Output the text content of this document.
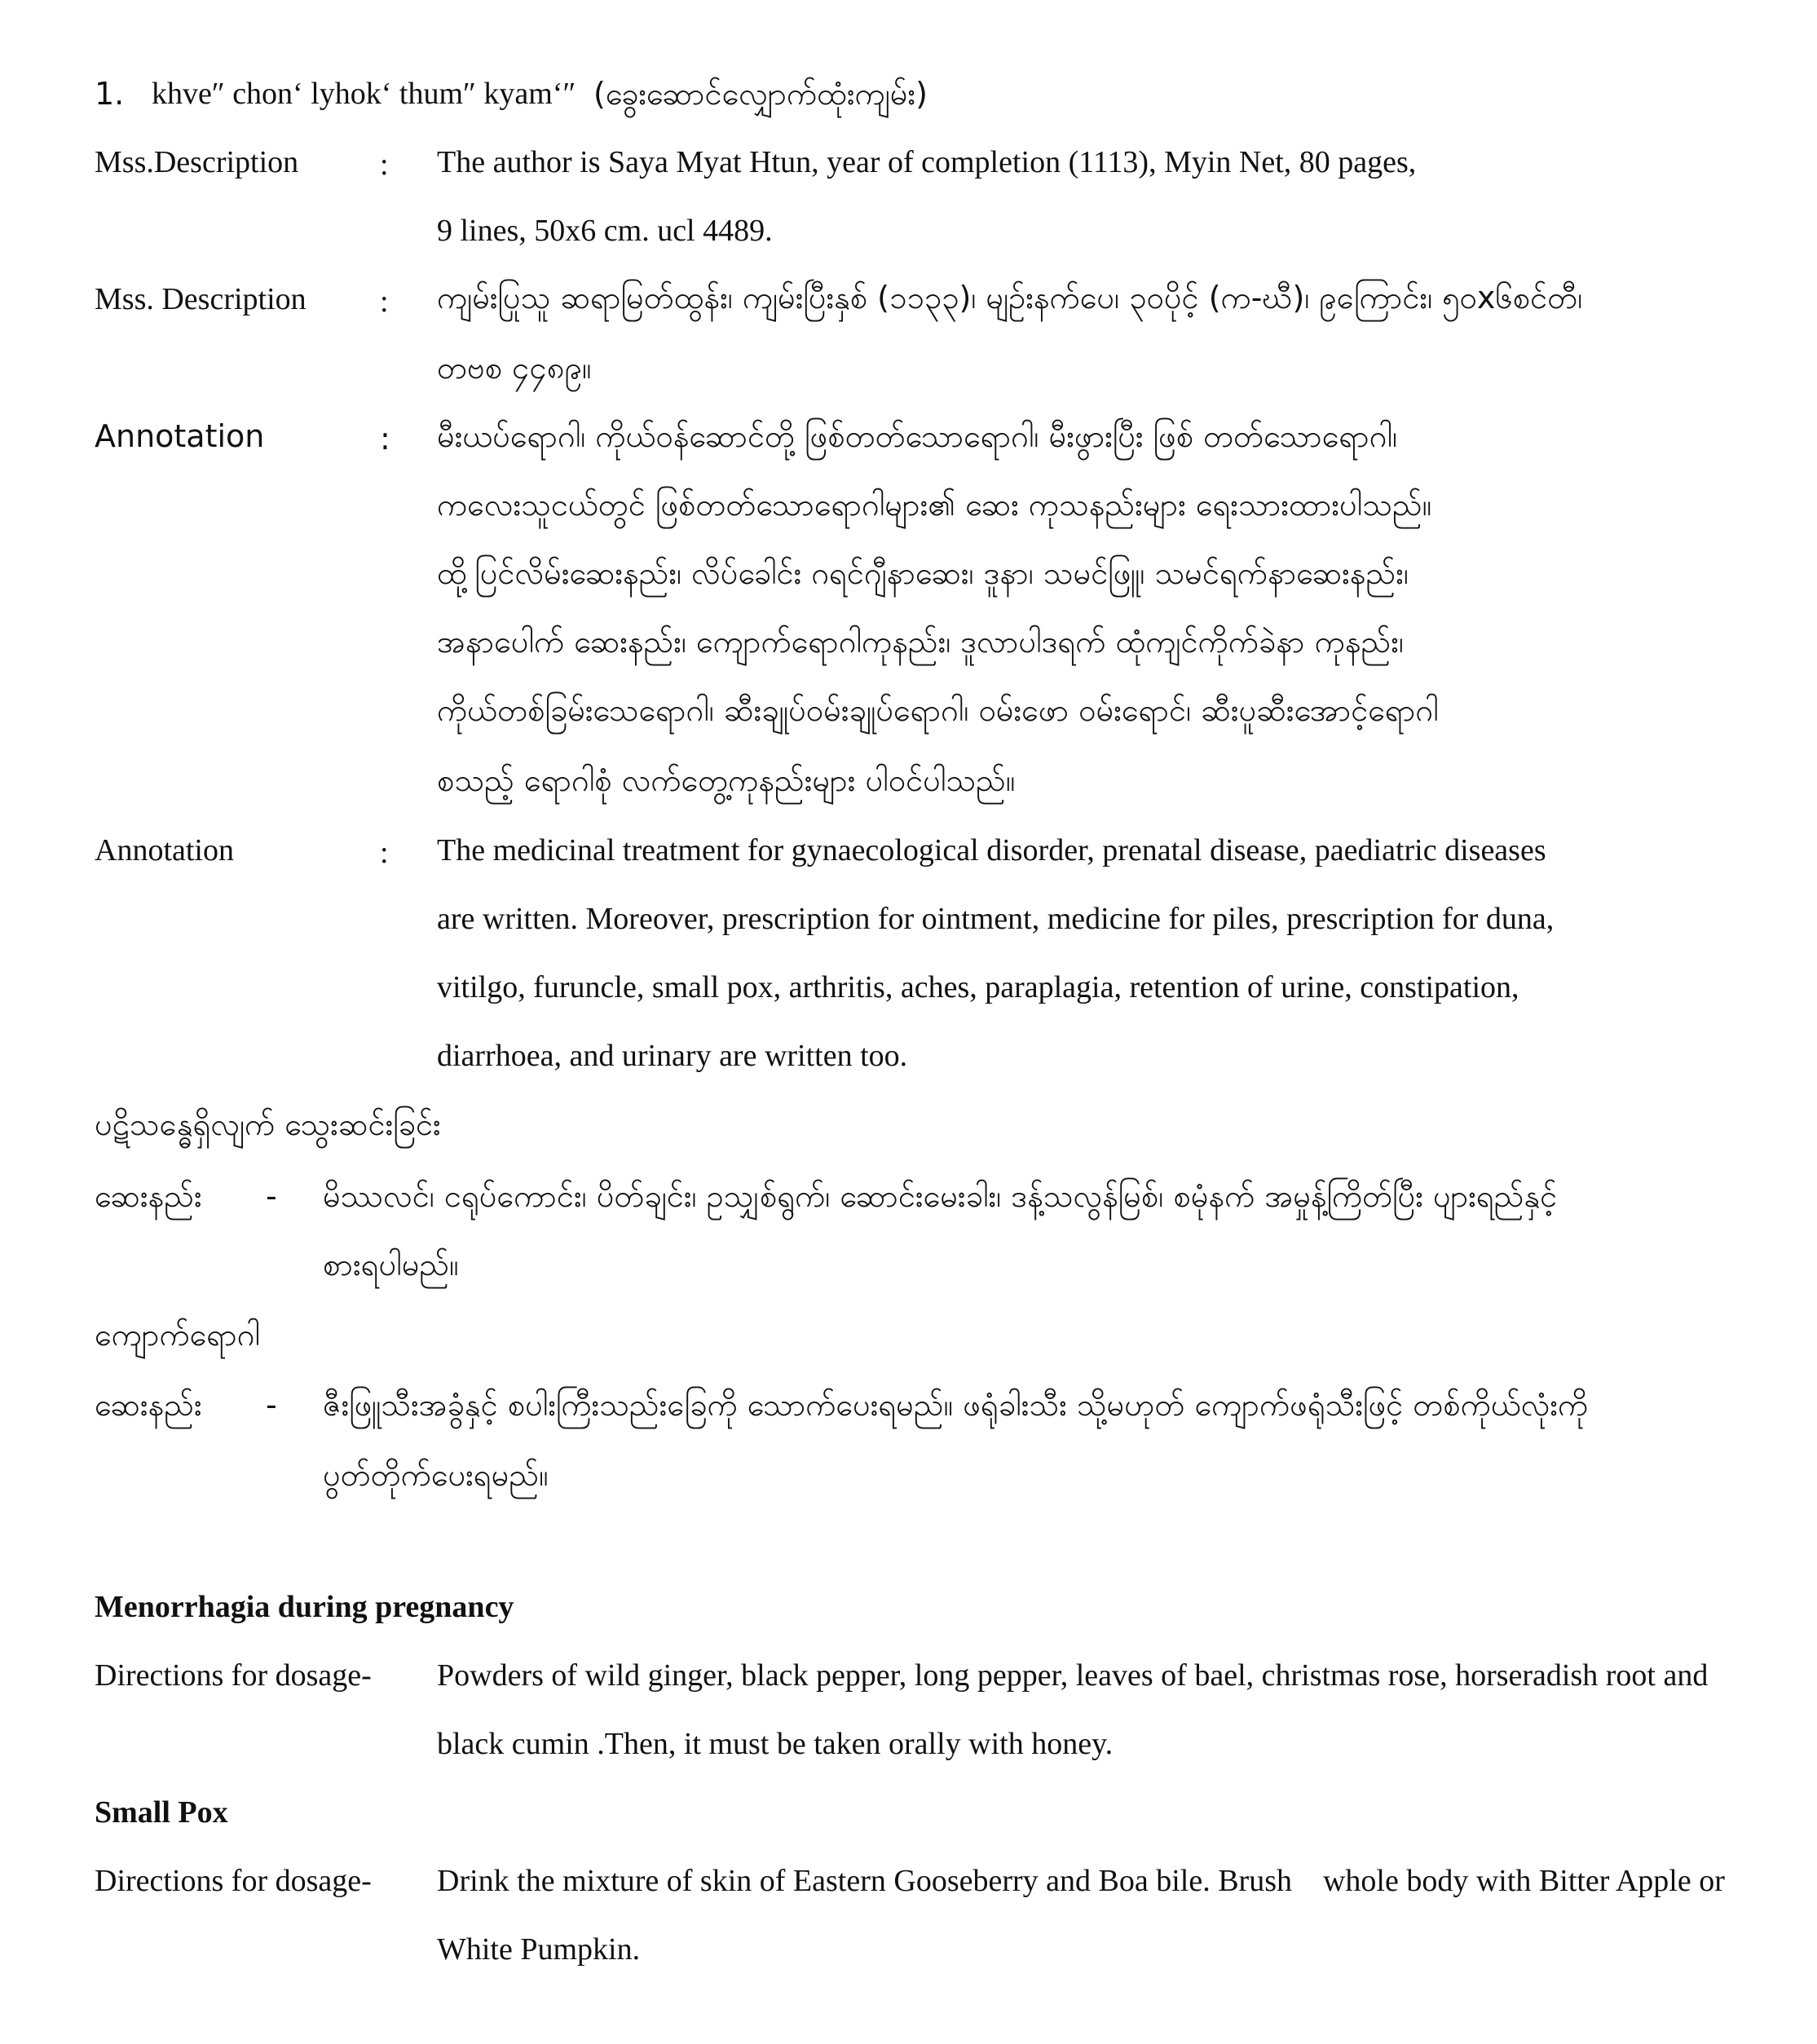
1. khve″ chon‘ lyhok‘ thum″ kyam‘″ (ခွေးဆောင်လျှောက်ထုံးကျမ်း)
Mss.Description	: The author is Saya Myat Htun, year of completion (1113), Myin Net, 80 pages,
9 lines, 50x6 cm. ucl 4489.
Mss. Description : ကျမ်းပြုသူ ဆရာမြတ်ထွန်း၊ ကျမ်းပြီးနှစ် (၁၁၃၃)၊ မျဉ်းနက်ပေ၊ ၃၀ပိုင့် (က-ဃီ)၊ ၉ကြောင်း၊ ၅၀x၆စင်တီ၊
တဗစ ၄၄၈၉။
Annotation	: မီးယပ်ရောဂါ၊ ကိုယ်ဝန်ဆောင်တို့ ဖြစ်တတ်သောရောဂါ၊ မီးဖွားပြီး ဖြစ် တတ်သောရောဂါ၊
ကလေးသူငယ်တွင် ဖြစ်တတ်သောရောဂါများ၏ ဆေး ကုသနည်းများ ရေးသားထားပါသည်။
ထို့ပြင်လိမ်းဆေးနည်း၊ လိပ်ခေါင်း ဂရင်ဂျီနာဆေး၊ ဒူနာ၊ သမင်ဖြူ၊ သမင်ရက်နာဆေးနည်း၊
အနာပေါက် ဆေးနည်း၊ ကျောက်ရောဂါကုနည်း၊ ဒူလာပါဒရက် ထုံကျင်ကိုက်ခဲနာ ကုနည်း၊
ကိုယ်တစ်ခြမ်းသေရောဂါ၊ ဆီးချုပ်ဝမ်းချုပ်ရောဂါ၊ ဝမ်းဖော ဝမ်းရောင်၊ ဆီးပူဆီးအောင့်ရောဂါ
စသည့် ရောဂါစုံ လက်တွေ့ကုနည်းများ ပါဝင်ပါသည်။
Annotation	: The medicinal treatment for gynaecological disorder, prenatal disease, paediatric diseases
are written. Moreover, prescription for ointment, medicine for piles, prescription for duna,
vitilgo, furuncle, small pox, arthritis, aches, paraplagia, retention of urine, constipation,
diarrhoea, and urinary are written too.
ပဋိသန္ဓေရှိလျက် သွေးဆင်းခြင်း
ဆေးနည်း - မိဿလင်၊ ငရုပ်ကောင်း၊ ပိတ်ချင်း၊ ဥသျှစ်ရွက်၊ ဆောင်းမေးခါး၊ ဒန့်သလွန်မြစ်၊ စမုံနက် အမှုန့်ကြိတ်ပြီး ပျားရည်နှင့်
စားရပါမည်။
ကျောက်ရောဂါ
ဆေးနည်း - ဇီးဖြူသီးအခွံနှင့် စပါးကြီးသည်းခြေကို သောက်ပေးရမည်။ ဖရုံခါးသီး သို့မဟုတ် ကျောက်ဖရုံသီးဖြင့် တစ်ကိုယ်လုံးကို
ပွတ်တိုက်ပေးရမည်။
Menorrhagia during pregnancy
Directions for dosage- Powders of wild ginger, black pepper, long pepper, leaves of bael, christmas rose, horseradish root and
black cumin .Then, it must be taken orally with honey.
Small Pox
Directions for dosage- Drink the mixture of skin of Eastern Gooseberry and Boa bile. Brush    whole body with Bitter Apple or
White Pumpkin.
